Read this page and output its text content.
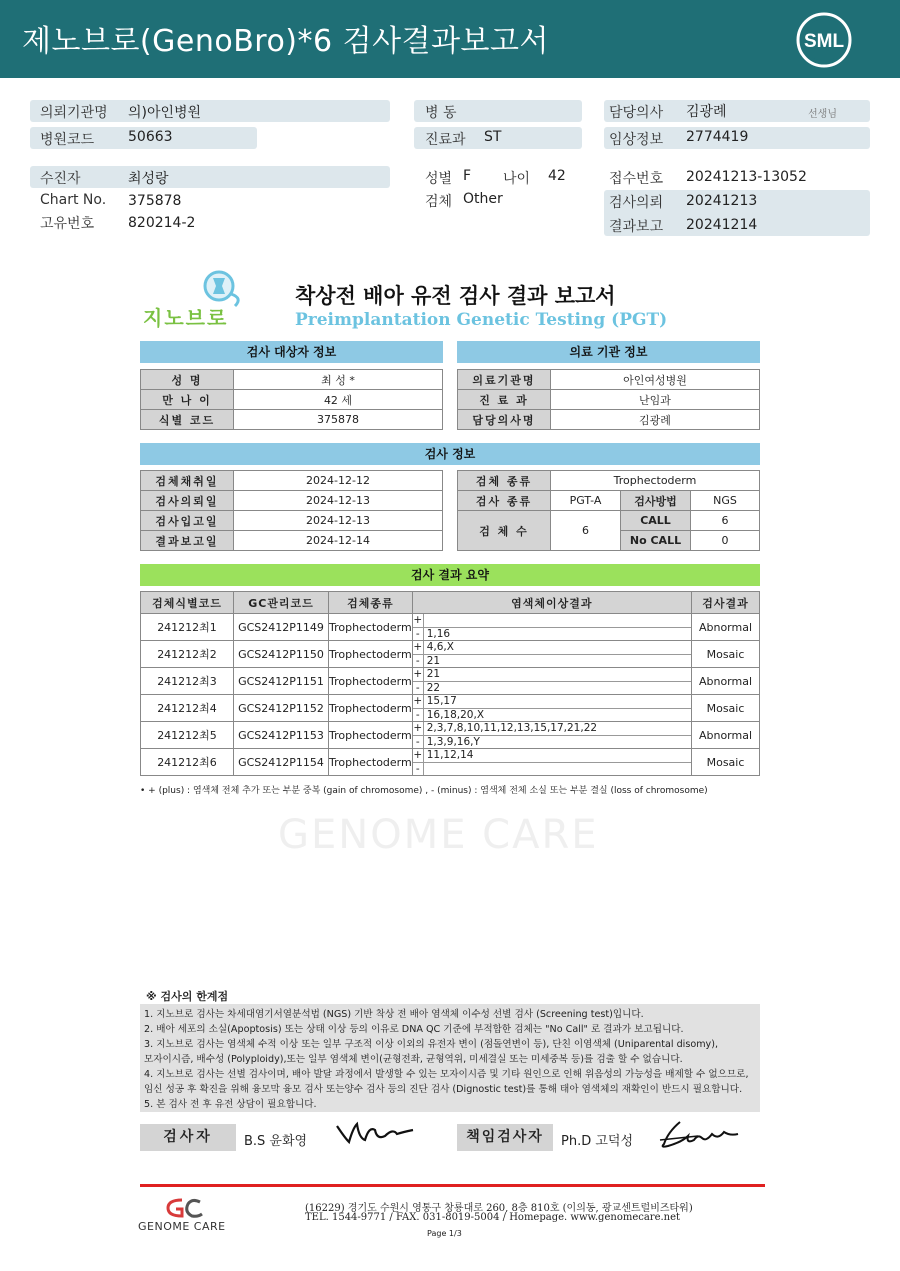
제노브로(GenoBro)*6 검사결과보고서	SML
의뢰기관명 의)아인병원
병원코드 50663
수진자	최성랑
Chart No. 375878
고유번호 820214-2
병 동
진료과 ST
성별 F 나이 42
검체 Other
담당의사 김광례	선생님
임상정보 2774419
접수번호 20241213-13052
검사의뢰 20241213
결과보고 20241214
지노브로
착상전 배아 유전 검사 결과 보고서
Preimplantation Genetic Testing (PGT)
검사 대상자 정보
성 명	최 성 *
만 나 이	42 세
식별 코드	375878
의료 기관 정보
의료기관명	아인여성병원
진 료 과	난임과
담당의사명	김광례
검사 정보
검체채취일	2024-12-12
검사의뢰일	2024-12-13
검사입고일	2024-12-13
결과보고일	2024-12-14
검체 종류	Trophectoderm		
검사 종류	PGT-A	검사방법	NGS
검 체 수	6	CALL	6
		No CALL	0
검사 결과 요약
검체식별코드	GC관리코드	검체종류	염색체이상결과	검사결과
241212최1	GCS2412P1149	Trophectoderm	+
- 1,16	Abnormal
241212최2	GCS2412P1150	Trophectoderm	+ 4,6,X
- 21	Mosaic
241212최3	GCS2412P1151	Trophectoderm	+ 21
- 22	Abnormal
241212최4	GCS2412P1152	Trophectoderm	+ 15,17
- 16,18,20,X	Mosaic
241212최5	GCS2412P1153	Trophectoderm	+ 2,3,7,8,10,11,12,13,15,17,21,22
- 1,3,9,16,Y	Abnormal
241212최6	GCS2412P1154	Trophectoderm	+ 11,12,14
-	Mosaic
• + (plus) : 염색체 전체 추가 또는 부분 중복 (gain of chromosome) , - (minus) : 염색체 전체 소실 또는 부분 결실 (loss of chromosome)
GENOME CARE
※ 검사의 한계점
1. 지노브로 검사는 차세대염기서열분석법 (NGS) 기반 착상 전 배아 염색체 이수성 선별 검사 (Screening test)입니다.
2. 배아 세포의 소실(Apoptosis) 또는 상태 이상 등의 이유로 DNA QC 기준에 부적합한 검체는 "No Call" 로 결과가 보고됩니다.
3. 지노브로 검사는 염색체 수적 이상 또는 일부 구조적 이상 이외의 유전자 변이 (점돌연변이 등), 단친 이염색체 (Uniparental disomy),
모자이시즘, 배수성 (Polyploidy),또는 일부 염색체 변이(균형전좌, 균형역위, 미세결실 또는 미세중복 등)를 검출 할 수 없습니다.
4. 지노브로 검사는 선별 검사이며, 배아 발달 과정에서 발생할 수 있는 모자이시즘 및 기타 원인으로 인해 위음성의 가능성을 배제할 수 없으므로,
임신 성공 후 확진을 위해 융모막 융모 검사 또는양수 검사 등의 진단 검사 (Dignostic test)를 통해 태아 염색체의 재확인이 반드시 필요합니다.
5. 본 검사 전 후 유전 상담이 필요합니다.
검사자	B.S 윤화영	책임검사자	Ph.D 고덕성
GENOME CARE
(16229) 경기도 수원시 영통구 창룡대로 260, 8층 810호 (이의동, 광교센트럴비즈타워)
TEL. 1544-9771 / FAX. 031-8019-5004 / Homepage. www.genomecare.net
Page 1/3
